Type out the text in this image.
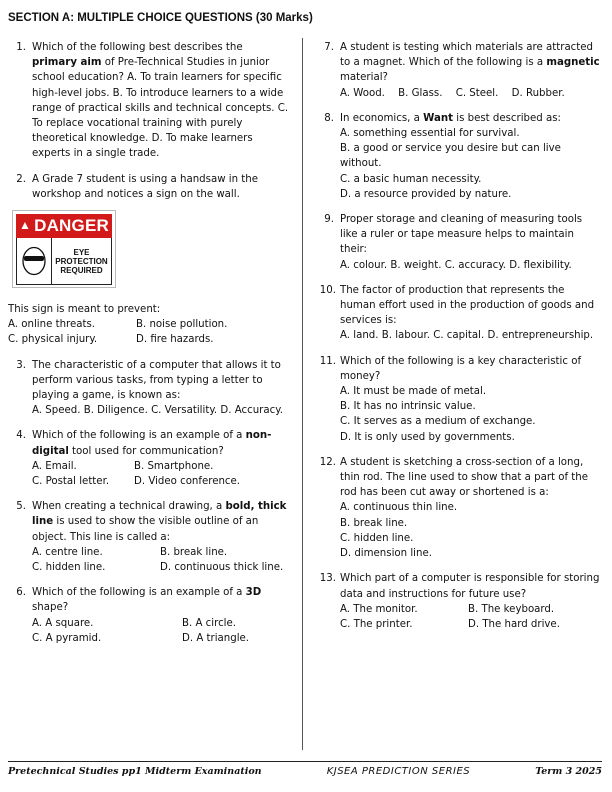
SECTION A: MULTIPLE CHOICE QUESTIONS (30 Marks)
1. Which of the following best describes the primary aim of Pre-Technical Studies in junior school education? A. To train learners for specific high-level jobs. B. To introduce learners to a wide range of practical skills and technical concepts. C. To replace vocational training with purely theoretical knowledge. D. To make learners experts in a single trade.
2. A Grade 7 student is using a handsaw in the workshop and notices a sign on the wall.
▲ DANGER
EYE
PROTECTION
REQUIRED
This sign is meant to prevent:
A. online threats.	B. noise pollution.
C. physical injury.	D. fire hazards.
3. The characteristic of a computer that allows it to perform various tasks, from typing a letter to playing a game, is known as:
A. Speed. B. Diligence. C. Versatility. D. Accuracy.
4. Which of the following is an example of a non-digital tool used for communication?
A. Email.	B. Smartphone.
C. Postal letter.	D. Video conference.
5. When creating a technical drawing, a bold, thick line is used to show the visible outline of an object. This line is called a:
A. centre line.	B. break line.
C. hidden line.	D. continuous thick line.
6. Which of the following is an example of a 3D shape?
A. A square.	B. A circle.
C. A pyramid.	D. A triangle.
7. A student is testing which materials are attracted to a magnet. Which of the following is a magnetic material?
A. Wood. B. Glass. C. Steel. D. Rubber.
8. In economics, a Want is best described as:
A. something essential for survival.
B. a good or service you desire but can live without.
C. a basic human necessity.
D. a resource provided by nature.
9. Proper storage and cleaning of measuring tools like a ruler or tape measure helps to maintain their:
A. colour. B. weight. C. accuracy. D. flexibility.
10. The factor of production that represents the human effort used in the production of goods and services is:
A. land. B. labour. C. capital. D. entrepreneurship.
11. Which of the following is a key characteristic of money?
A. It must be made of metal.
B. It has no intrinsic value.
C. It serves as a medium of exchange.
D. It is only used by governments.
12. A student is sketching a cross-section of a long, thin rod. The line used to show that a part of the rod has been cut away or shortened is a:
A. continuous thin line.
B. break line.
C. hidden line.
D. dimension line.
13. Which part of a computer is responsible for storing data and instructions for future use?
A. The monitor.	B. The keyboard.
C. The printer.	D. The hard drive.
Pretechnical Studies pp1 Midterm Examination	KJSEA PREDICTION SERIES	Term 3 2025
